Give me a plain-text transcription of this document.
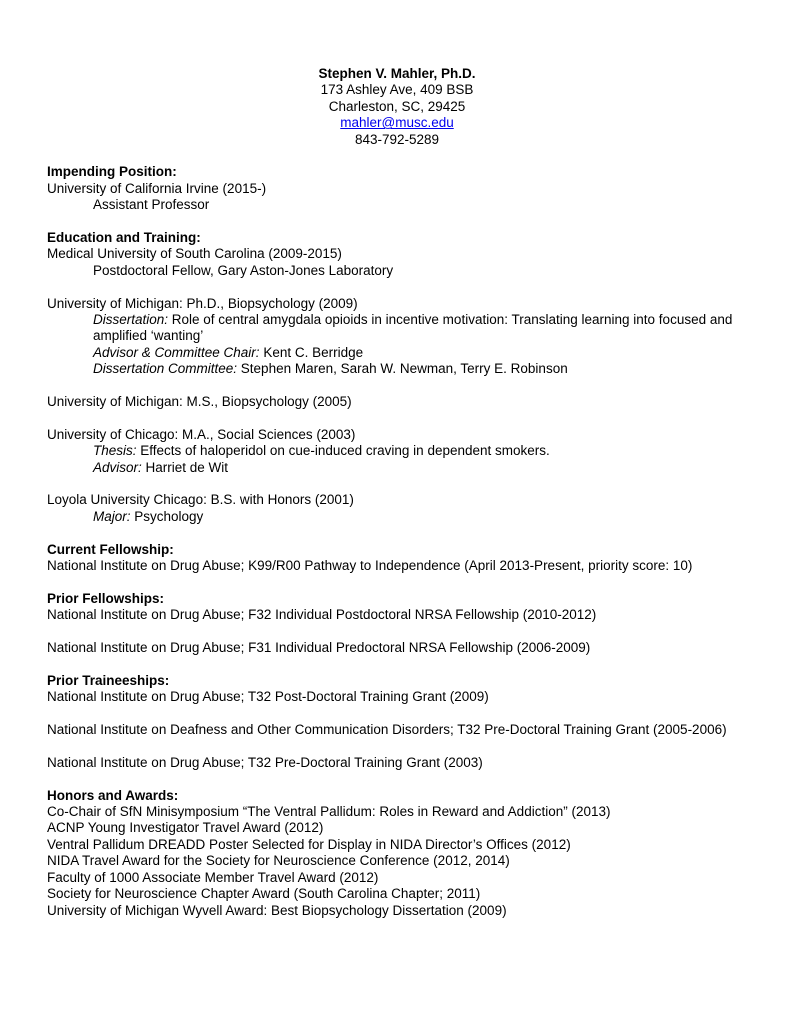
Stephen V. Mahler, Ph.D.
173 Ashley Ave, 409 BSB
Charleston, SC, 29425
mahler@musc.edu
843-792-5289
Impending Position:
University of California Irvine (2015-)
Assistant Professor
Education and Training:
Medical University of South Carolina (2009-2015)
Postdoctoral Fellow, Gary Aston-Jones Laboratory
University of Michigan: Ph.D., Biopsychology (2009)
Dissertation: Role of central amygdala opioids in incentive motivation: Translating learning into focused and amplified ‘wanting’
Advisor & Committee Chair: Kent C. Berridge
Dissertation Committee: Stephen Maren, Sarah W. Newman, Terry E. Robinson
University of Michigan: M.S., Biopsychology (2005)
University of Chicago: M.A., Social Sciences (2003)
Thesis: Effects of haloperidol on cue-induced craving in dependent smokers.
Advisor: Harriet de Wit
Loyola University Chicago: B.S. with Honors (2001)
Major: Psychology
Current Fellowship:
National Institute on Drug Abuse; K99/R00 Pathway to Independence (April 2013-Present, priority score: 10)
Prior Fellowships:
National Institute on Drug Abuse; F32 Individual Postdoctoral NRSA Fellowship (2010-2012)
National Institute on Drug Abuse; F31 Individual Predoctoral NRSA Fellowship (2006-2009)
Prior Traineeships:
National Institute on Drug Abuse; T32 Post-Doctoral Training Grant (2009)
National Institute on Deafness and Other Communication Disorders; T32 Pre-Doctoral Training Grant (2005-2006)
National Institute on Drug Abuse; T32 Pre-Doctoral Training Grant (2003)
Honors and Awards:
Co-Chair of SfN Minisymposium “The Ventral Pallidum: Roles in Reward and Addiction” (2013)
ACNP Young Investigator Travel Award (2012)
Ventral Pallidum DREADD Poster Selected for Display in NIDA Director’s Offices (2012)
NIDA Travel Award for the Society for Neuroscience Conference (2012, 2014)
Faculty of 1000 Associate Member Travel Award (2012)
Society for Neuroscience Chapter Award (South Carolina Chapter; 2011)
University of Michigan Wyvell Award: Best Biopsychology Dissertation (2009)
